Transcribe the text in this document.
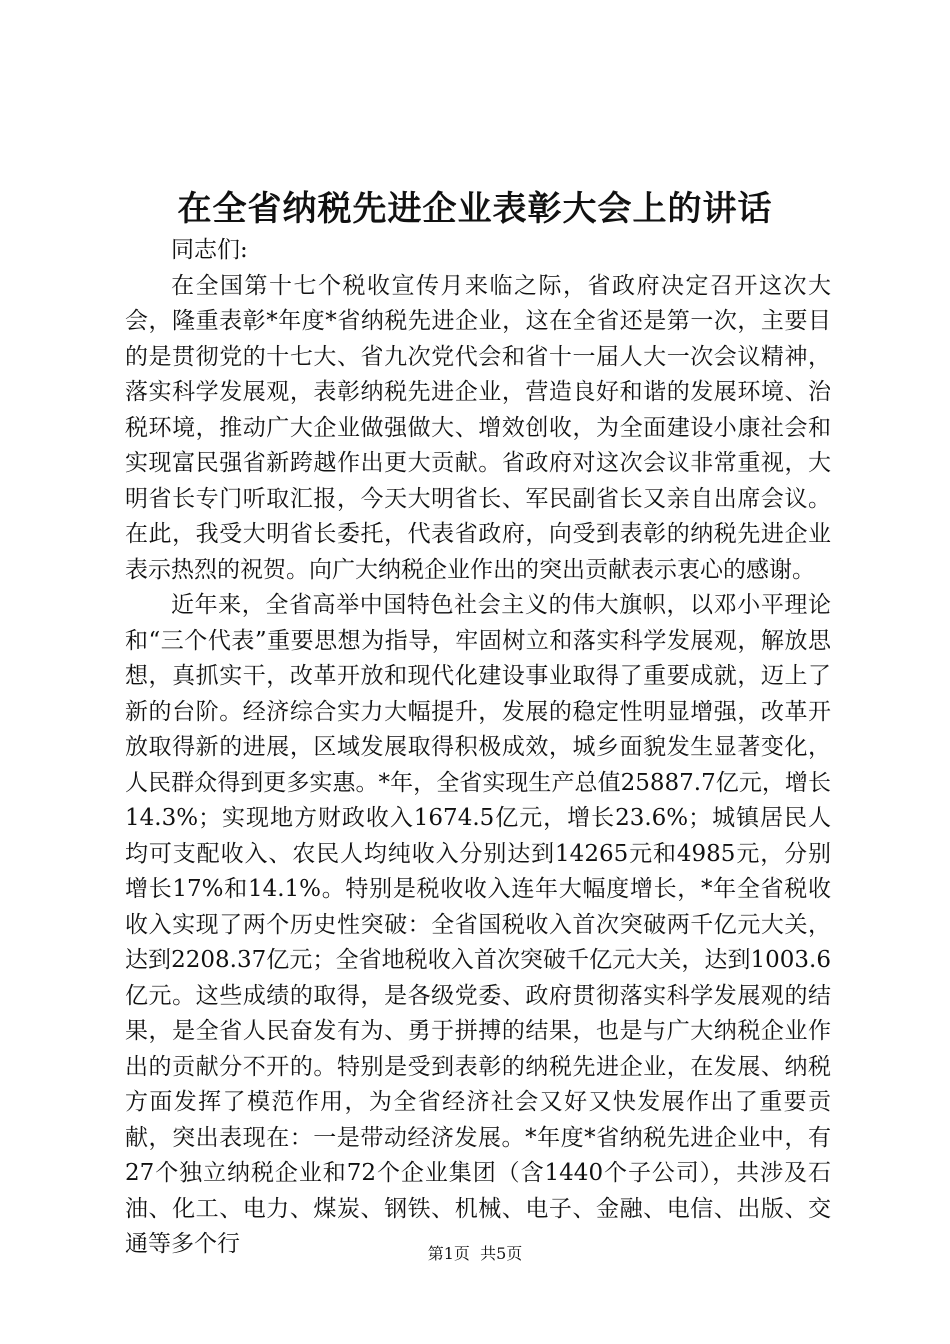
在全省纳税先进企业表彰大会上的讲话

同志们:

在全国第十七个税收宣传月来临之际，省政府决定召开这次大会，隆重表彰*年度*省纳税先进企业，这在全省还是第一次，主要目的是贯彻党的十七大、省九次党代会和省十一届人大一次会议精神，落实科学发展观，表彰纳税先进企业，营造良好和谐的发展环境、治税环境，推动广大企业做强做大、增效创收，为全面建设小康社会和实现富民强省新跨越作出更大贡献。省政府对这次会议非常重视，大明省长专门听取汇报，今天大明省长、军民副省长又亲自出席会议。在此，我受大明省长委托，代表省政府，向受到表彰的纳税先进企业表示热烈的祝贺。向广大纳税企业作出的突出贡献表示衷心的感谢。

近年来，全省高举中国特色社会主义的伟大旗帜，以邓小平理论和“三个代表”重要思想为指导，牢固树立和落实科学发展观，解放思想，真抓实干，改革开放和现代化建设事业取得了重要成就，迈上了新的台阶。经济综合实力大幅提升，发展的稳定性明显增强，改革开放取得新的进展，区域发展取得积极成效，城乡面貌发生显著变化，人民群众得到更多实惠。*年，全省实现生产总值25887.7亿元，增长14.3%；实现地方财政收入1674.5亿元，增长23.6%；城镇居民人均可支配收入、农民人均纯收入分别达到14265元和4985元，分别增长17%和14.1%。特别是税收收入连年大幅度增长，*年全省税收收入实现了两个历史性突破：全省国税收入首次突破两千亿元大关，达到2208.37亿元；全省地税收入首次突破千亿元大关，达到1003.6亿元。这些成绩的取得，是各级党委、政府贯彻落实科学发展观的结果，是全省人民奋发有为、勇于拼搏的结果，也是与广大纳税企业作出的贡献分不开的。特别是受到表彰的纳税先进企业，在发展、纳税方面发挥了模范作用，为全省经济社会又好又快发展作出了重要贡献，突出表现在：一是带动经济发展。*年度*省纳税先进企业中，有27个独立纳税企业和72个企业集团（含1440个子公司），共涉及石油、化工、电力、煤炭、钢铁、机械、电子、金融、电信、出版、交通等多个行	第1页 共5页
